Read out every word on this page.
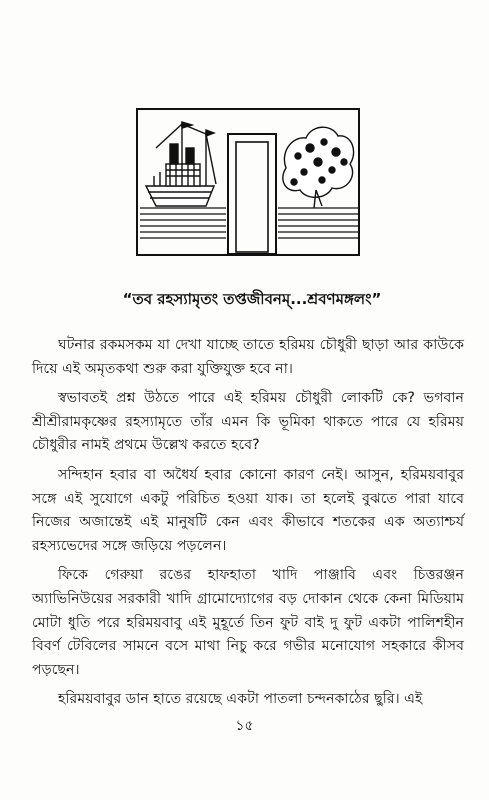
“তব রহস্যামৃতং তপ্তজীবনম্‌...শ্রবণমঙ্গলং”

ঘটনার রকমসকম যা দেখা যাচ্ছে তাতে হরিময় চৌধুরী ছাড়া আর কাউকে দিয়ে এই অমৃতকথা শুরু করা যুক্তিযুক্ত হবে না।

স্বভাবতই প্রশ্ন উঠতে পারে এই হরিময় চৌধুরী লোকটি কে? ভগবান শ্রীশ্রীরামকৃষ্ণের রহস্যামৃতে তাঁর এমন কি ভূমিকা থাকতে পারে যে হরিময় চৌধুরীর নামই প্রথমে উল্লেখ করতে হবে?

সন্দিহান হবার বা অধৈর্য হবার কোনো কারণ নেই। আসুন, হরিময়বাবুর সঙ্গে এই সুযোগে একটু পরিচিত হওয়া যাক। তা হলেই বুঝতে পারা যাবে নিজের অজান্তেই এই মানুষটি কেন এবং কীভাবে শতকের এক অত্যাশ্চর্য রহস্যভেদের সঙ্গে জড়িয়ে পড়লেন।

ফিকে গেরুয়া রঙের হাফহাতা খাদি পাঞ্জাবি এবং চিত্তরঞ্জন অ্যাভিনিউয়ের সরকারী খাদি গ্রামোদ্যোগের বড় দোকান থেকে কেনা মিডিয়াম মোটা ধুতি পরে হরিময়বাবু এই মুহূর্তে তিন ফুট বাই দু ফুট একটা পালিশহীন বিবর্ণ টেবিলের সামনে বসে মাথা নিচু করে গভীর মনোযোগ সহকারে কীসব পড়ছেন।

হরিময়বাবুর ডান হাতে রয়েছে একটা পাতলা চন্দনকাঠের ছুরি। এই

১৫
